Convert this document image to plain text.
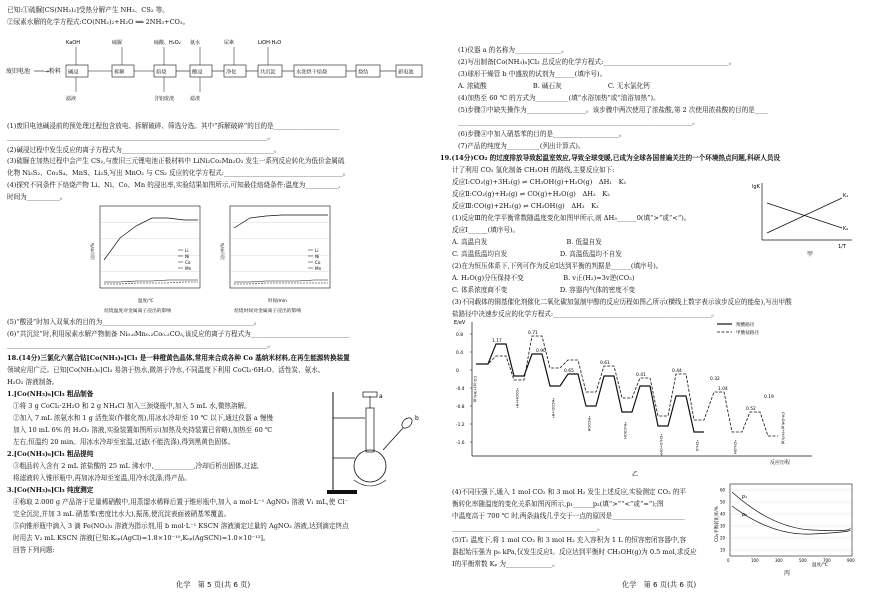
已知:①硫脲[CS(NH₂)₂]受热分解产生 NH₃、CS₂ 等。
②尿素水解的化学方程式:CO(NH₂)₂+H₂O ══ 2NH₃+CO₂。
(1)废旧电池碱浸前的预处理过程包含放电、拆解破碎、筛选分选。其中“拆解破碎”的目的是____________________
_______________________________________________________________________________。
(2)碱浸过程中发生反应的离子方程式为______________________________________________。
(3)硫脲在加热过程中会产生 CS₂,与废旧三元锂电池正极材料中 LiNi₂Co₂Mn₂O₂ 发生一系列反应转化为低价金属硫
化物 Ni₃S₂、Co₃S₄、MnS、Li₂S,写出 MnO₂ 与 CS₂ 反应的化学方程式:____________________________________。
(4)探究不同条件下焙烧产物 Li、Ni、Co、Mn 的浸出率,实验结果如图所示,可知最佳焙烧条件:温度为__________,
时间为__________。
(5)“酸浸”时加入双氧水的目的为______________________________________________。
(6)“共沉淀”时,利用尿素水解产物制备 Ni₀.₆Mn₀.₂Co₀.₂CO₃,该反应的离子方程式为______________________________
_______________________________________________________________________________。
18.(14分)三氯化六氨合钴[Co(NH₃)₆]Cl₃ 是一种橙黄色晶体,常用来合成各种 Co 基纳米材料,在再生能源转换装置
领域应用广泛。已知[Co(NH₃)₆]Cl₃ 易溶于热水,微溶于冷水,不同温度下利用 CoCl₂·6H₂O、活性炭、氨水、
H₂O₂ 溶液制备。
1.[Co(NH₃)₆]Cl₃ 粗品制备
①将 3 g CoCl₂·2H₂O 和 2 g NH₄Cl 加入三颈烧瓶中,加入 5 mL 水,微热溶解。
②加入 7 mL 浓氨水和 1 g 活性炭(作催化剂),用冰水冷却至 10 ℃ 以下,通过仪器 a 慢慢
加入 10 mL 6% 的 H₂O₂ 溶液,实验装置如图所示(加热及夹持装置已省略),加热至 60 ℃
左右,恒温约 20 min。用冰水冷却至室温,过滤(不能洗涤),得到黑黄色固体。
2.[Co(NH₃)₆]Cl₃ 粗品提纯
③粗品转入含有 2 mL 浓盐酸的 25 mL 沸水中,____________,冷却后析出固体,过滤,
将滤液转入锥形瓶中,再加冰冷却至室温,用冷水洗涤,得产品。
3.[Co(NH₃)₆]Cl₃ 纯度测定
④称取 2.000 g 产品溶于足量稀硝酸中,用蒸馏水稀释后置于锥形瓶中,加入 a mol·L⁻¹ AgNO₃ 溶液 V₁ mL,使 Cl⁻
完全沉淀,并加 3 mL 硝基苯(密度比水大),振荡,使沉淀表面被硝基苯覆盖。
⑤向锥形瓶中滴入 3 滴 Fe(NO₃)₃ 溶液为指示剂,用 b mol·L⁻¹ KSCN 溶液滴定过量的 AgNO₃ 溶液,达到滴定终点
时用去 V₂ mL KSCN 溶液[已知:Kₛₚ(AgCl)=1.8×10⁻¹⁰,Kₛₚ(AgSCN)=1.0×10⁻¹²]。
回答下列问题:
(1)仪器 a 的名称为______________。
(2)写出制备[Co(NH₃)₆]Cl₃ 总反应的化学方程式:______________________________________。
(3)球形干燥管 b 中盛放的试剂为______(填序号)。
A. 浓硫酸　　　　　　　B. 碱石灰　　　　　　　C. 无水氯化钙
(4)加热至 60 ℃ 的方式为__________(填“水浴加热”或“油浴加热”)。
(5)步骤③中缺失操作为__________________。该步骤中两次使用了浓盐酸,第 2 次使用浓盐酸的目的是____
_______________________________________________________________________。
(6)步骤④中加入硝基苯的目的是____________________。
(7)产品的纯度为__________(列出计算式)。
19.(14分)CO₂ 的过度排放导致起温室效应,导致全球变暖,已成为全球各国普遍关注的一个环境热点问题,科研人员设
计了利用 CO₂ 氢化制备 CH₃OH 的路线,主要反应如下:
反应Ⅰ:CO₂(g)+3H₂(g) ⇌ CH₃OH(g)+H₂O(g)　ΔH₁　K₁
反应Ⅱ:CO₂(g)+H₂(g) ⇌ CO(g)+H₂O(g)　ΔH₂　K₂
反应Ⅲ:CO(g)+2H₂(g) ⇌ CH₃OH(g)　ΔH₃　K₃
(1)反应Ⅲ的化学平衡常数随温度变化如图甲所示,则 ΔH₃______0(填“>”或“<”)。
反应Ⅰ______(填序号)。
A. 高温自发　　　　　　　　　　　　B. 低温自发
C. 高温低温均自发　　　　　　　　D. 高温低温均不自发
(2)在为恒压体系下,下列可作为反应Ⅰ达到平衡的判据是______(填序号)。
A. H₂O(g)分压保持不变　　　　　　B. v正(H₂)=3v逆(CO₂)
C. 体系浓度商不变　　　　　　　　D. 容器内气体的密度不变
(3)不同载体的铜基催化剂催化二氧化碳加氢制甲醇的反应历程如图乙所示(横线上数字表示该步反应的能垒),写出甲酸
盐路径中决速步反应的化学方程式:________________________________________________。
(4)不同压强下,通入 1 mol CO₂ 和 3 mol H₂ 发生上述反应,实验测定 CO₂ 的平
衡转化率随温度的变化关系如图丙所示,p₁______p₂(填“>”“<”或“=”);图
中温度高于 700 ℃ 时,两条曲线几乎交于一点的原因是______________________
____________________________________________。
(5)T₁ 温度下,将 1 mol CO₂ 和 3 mol H₂ 充入容积为 1 L 的恒容密闭容器中,容
器起始压强为 p₀ kPa,仅发生反应Ⅰ。反应达到平衡时 CH₃OH(g)为 0.5 mol,求反应
Ⅰ的平衡常数 Kₚ 为______________。
废旧电池 →粉料 碱浸	拆解	焙烧	酸浸	净化	共沉淀	水洗烘干焙烧	烧结	新电池
KaOH	硫脲	硫酸、H₂O₂ 氨水	尿素	LiOH·H₂O
滤液	含铝废渣	滤渣
浸出率/%
温度/℃
焙烧温度对金属离子浸出的影响
Li
Ni
Co
Mn
浸出率/%
时间/min
焙烧时间对金属离子浸出的影响
Li
Ni
Co
Mn
a
b
lgK
1/T
K₁
K₂
甲
E/eV
反应历程
乙
0.8
0.4
0
-0.4
-0.8
-1.2
-1.6
1.17
0.71
0.90
0.65
0.61
0.41
0.44
0.32
1.04
0.52
0.19
羧酸路径
甲酸盐路径
CO₂(g)+3H₂(g)	*COOH+H*	*HCOO+H*
*HCOOH	*H₂COOH
*CH₂O+OH*	*CH₃O	*CH₃OH
CH₃OH(g)+H₂O(g)
60
50
40
30
20
10
0	100	300	500	700	900
p₁
p₂
CO₂平衡转化率/%
温度/℃
丙
化学　第 5 页(共 6 页)	化学　第 6 页(共 6 页)
